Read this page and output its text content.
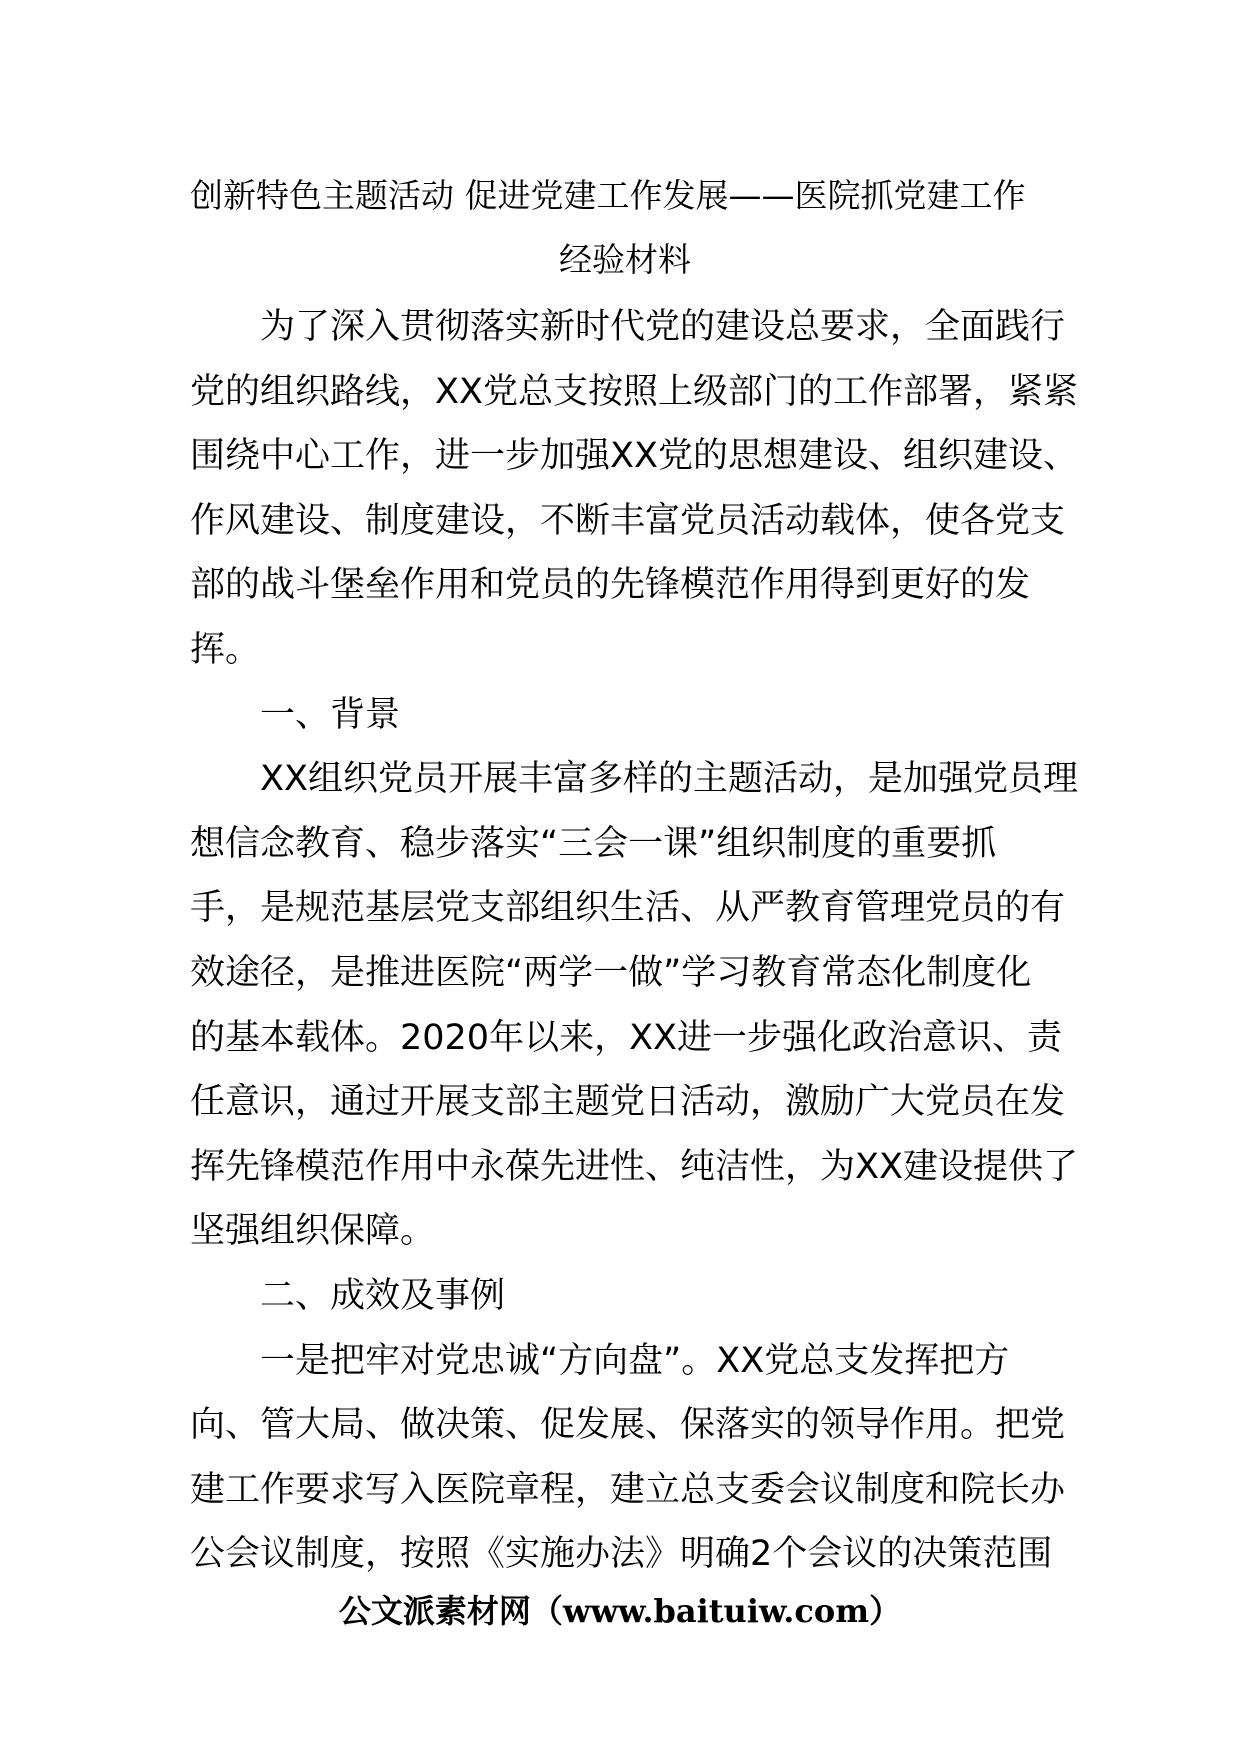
创新特色主题活动 促进党建工作发展——医院抓党建工作
经验材料
为了深入贯彻落实新时代党的建设总要求，全面践行
党的组织路线，XX党总支按照上级部门的工作部署，紧紧
围绕中心工作，进一步加强XX党的思想建设、组织建设、
作风建设、制度建设，不断丰富党员活动载体，使各党支
部的战斗堡垒作用和党员的先锋模范作用得到更好的发
挥。
一、背景
XX组织党员开展丰富多样的主题活动，是加强党员理
想信念教育、稳步落实“三会一课”组织制度的重要抓
手，是规范基层党支部组织生活、从严教育管理党员的有
效途径，是推进医院“两学一做”学习教育常态化制度化
的基本载体。2020年以来，XX进一步强化政治意识、责
任意识，通过开展支部主题党日活动，激励广大党员在发
挥先锋模范作用中永葆先进性、纯洁性，为XX建设提供了
坚强组织保障。
二、成效及事例
一是把牢对党忠诚“方向盘”。XX党总支发挥把方
向、管大局、做决策、促发展、保落实的领导作用。把党
建工作要求写入医院章程，建立总支委会议制度和院长办
公会议制度，按照《实施办法》明确2个会议的决策范围
公文派素材网（www.baituiw.com）
